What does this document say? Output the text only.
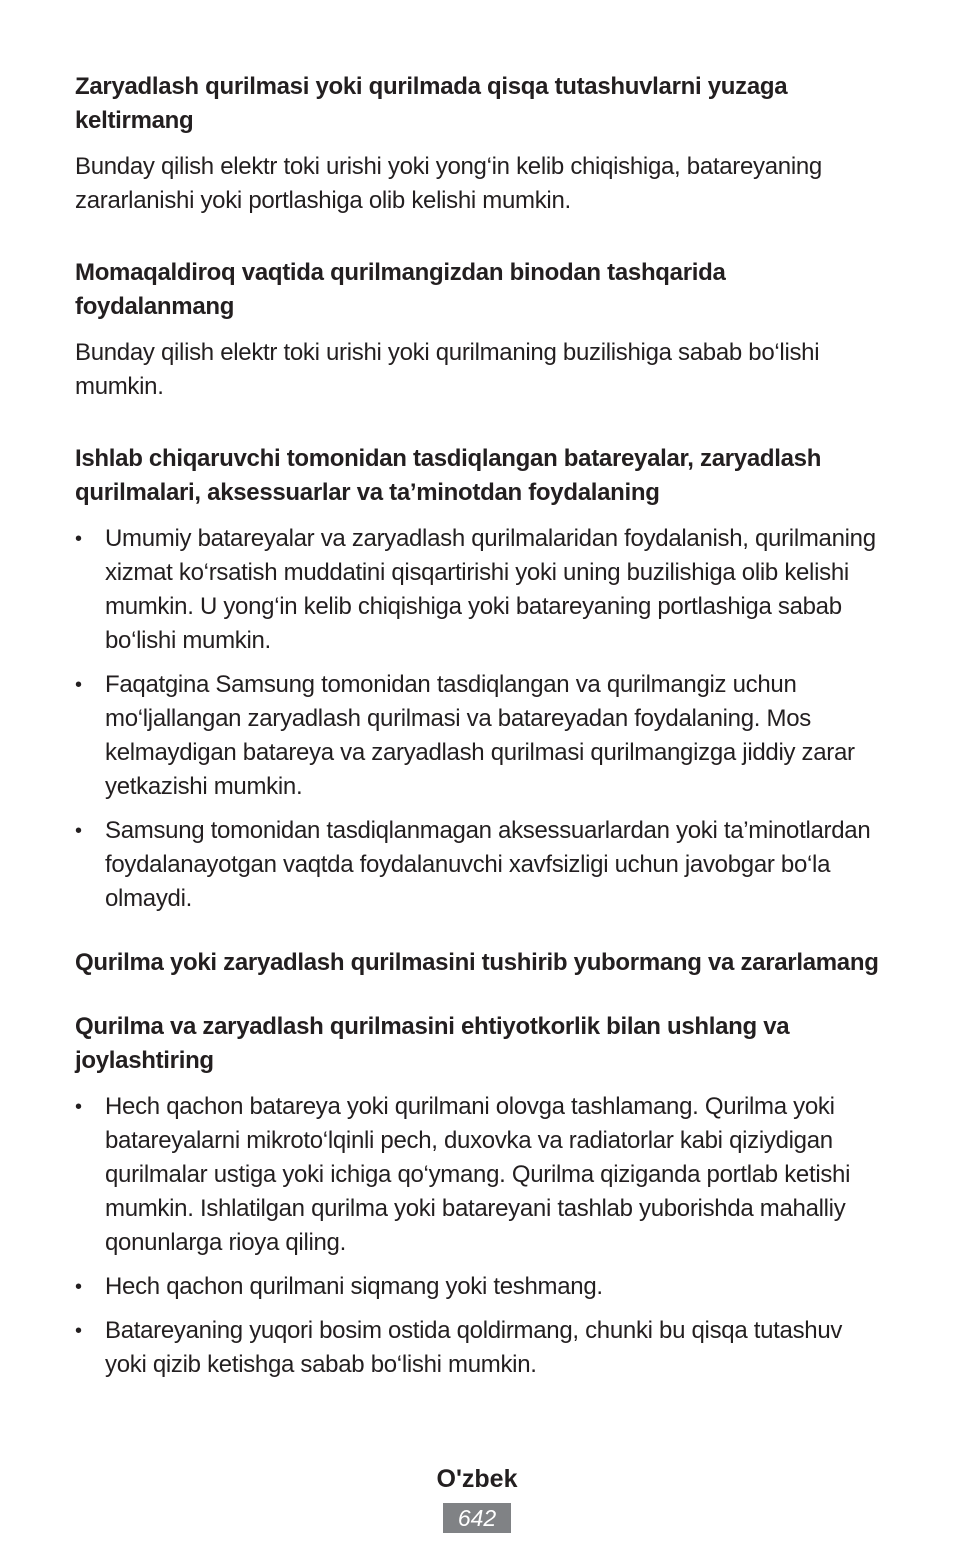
Zaryadlash qurilmasi yoki qurilmada qisqa tutashuvlarni yuzaga keltirmang

Bunday qilish elektr toki urishi yoki yong‘in kelib chiqishiga, batareyaning zararlanishi yoki portlashiga olib kelishi mumkin.

Momaqaldiroq vaqtida qurilmangizdan binodan tashqarida foydalanmang

Bunday qilish elektr toki urishi yoki qurilmaning buzilishiga sabab bo‘lishi mumkin.

Ishlab chiqaruvchi tomonidan tasdiqlangan batareyalar, zaryadlash qurilmalari, aksessuarlar va ta’minotdan foydalaning

• Umumiy batareyalar va zaryadlash qurilmalaridan foydalanish, qurilmaning xizmat ko‘rsatish muddatini qisqartirishi yoki uning buzilishiga olib kelishi mumkin. U yong‘in kelib chiqishiga yoki batareyaning portlashiga sabab bo‘lishi mumkin.
• Faqatgina Samsung tomonidan tasdiqlangan va qurilmangiz uchun mo‘ljallangan zaryadlash qurilmasi va batareyadan foydalaning. Mos kelmaydigan batareya va zaryadlash qurilmasi qurilmangizga jiddiy zarar yetkazishi mumkin.
• Samsung tomonidan tasdiqlanmagan aksessuarlardan yoki ta’minotlardan foydalanayotgan vaqtda foydalanuvchi xavfsizligi uchun javobgar bo‘la olmaydi.

Qurilma yoki zaryadlash qurilmasini tushirib yubormang va zararlamang

Qurilma va zaryadlash qurilmasini ehtiyotkorlik bilan ushlang va joylashtiring

• Hech qachon batareya yoki qurilmani olovga tashlamang. Qurilma yoki batareyalarni mikroto‘lqinli pech, duxovka va radiatorlar kabi qiziydigan qurilmalar ustiga yoki ichiga qo‘ymang. Qurilma qiziganda portlab ketishi mumkin. Ishlatilgan qurilma yoki batareyani tashlab yuborishda mahalliy qonunlarga rioya qiling.
• Hech qachon qurilmani siqmang yoki teshmang.
• Batareyaning yuqori bosim ostida qoldirmang, chunki bu qisqa tutashuv yoki qizib ketishga sabab bo‘lishi mumkin.
O'zbek
642
